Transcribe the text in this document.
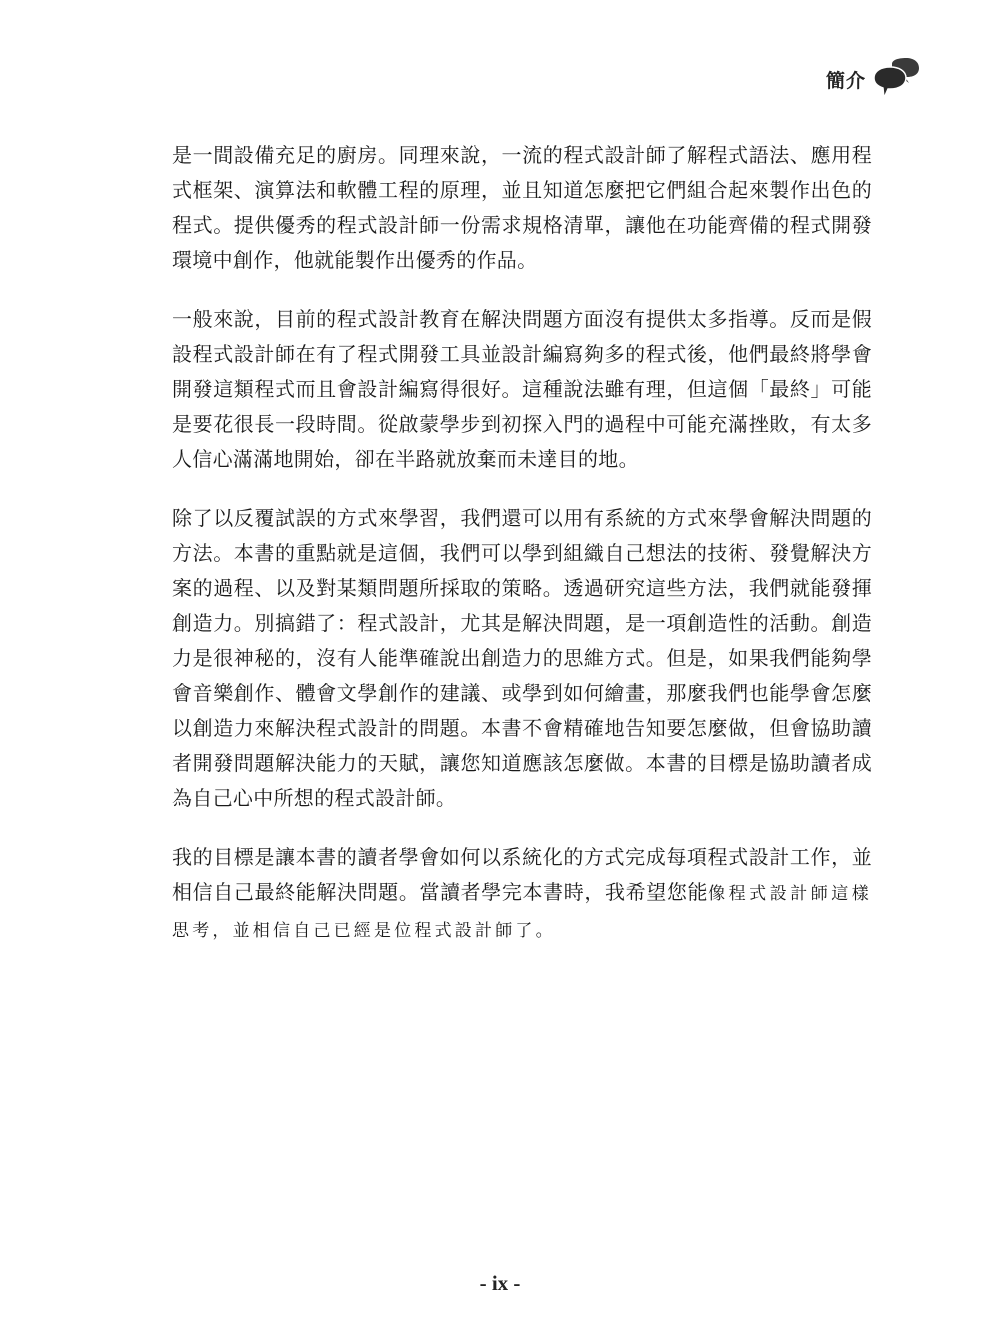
簡介

是一間設備充足的廚房。同理來說，一流的程式設計師了解程式語法、應用程式框架、演算法和軟體工程的原理，並且知道怎麼把它們組合起來製作出色的程式。提供優秀的程式設計師一份需求規格清單，讓他在功能齊備的程式開發環境中創作，他就能製作出優秀的作品。

一般來說，目前的程式設計教育在解決問題方面沒有提供太多指導。反而是假設程式設計師在有了程式開發工具並設計編寫夠多的程式後，他們最終將學會開發這類程式而且會設計編寫得很好。這種說法雖有理，但這個「最終」可能是要花很長一段時間。從啟蒙學步到初探入門的過程中可能充滿挫敗，有太多人信心滿滿地開始，卻在半路就放棄而未達目的地。

除了以反覆試誤的方式來學習，我們還可以用有系統的方式來學會解決問題的方法。本書的重點就是這個，我們可以學到組織自己想法的技術、發覺解決方案的過程、以及對某類問題所採取的策略。透過研究這些方法，我們就能發揮創造力。別搞錯了：程式設計，尤其是解決問題，是一項創造性的活動。創造力是很神秘的，沒有人能準確說出創造力的思維方式。但是，如果我們能夠學會音樂創作、體會文學創作的建議、或學到如何繪畫，那麼我們也能學會怎麼以創造力來解決程式設計的問題。本書不會精確地告知要怎麼做，但會協助讀者開發問題解決能力的天賦，讓您知道應該怎麼做。本書的目標是協助讀者成為自己心中所想的程式設計師。

我的目標是讓本書的讀者學會如何以系統化的方式完成每項程式設計工作，並相信自己最終能解決問題。當讀者學完本書時，我希望您能像程式設計師這樣思考，並相信自己已經是位程式設計師了。

- ix -
